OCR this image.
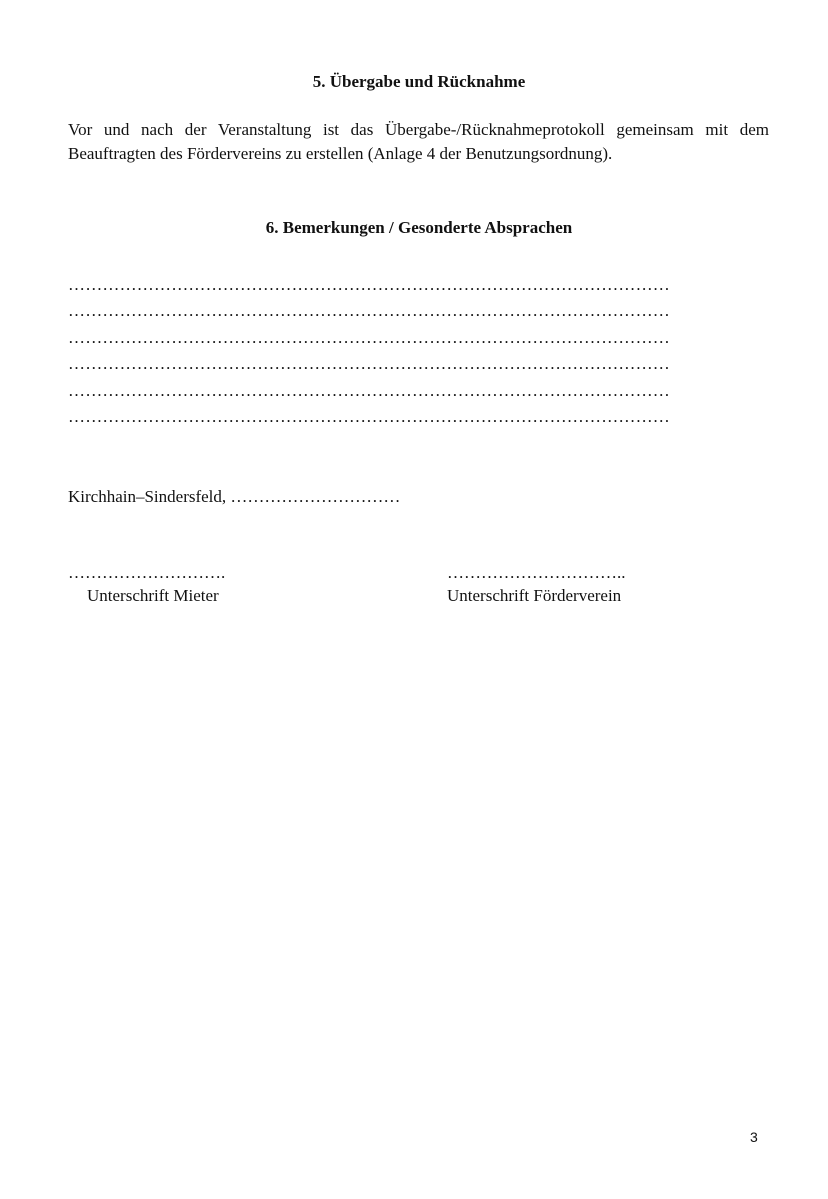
5. Übergabe und Rücknahme
Vor und nach der Veranstaltung ist das Übergabe-/Rücknahmeprotokoll gemeinsam mit dem Beauftragten des Fördervereins zu erstellen (Anlage 4 der Benutzungsordnung).
6. Bemerkungen / Gesonderte Absprachen
……………………………………………………………………………………………
……………………………………………………………………………………………
……………………………………………………………………………………………
……………………………………………………………………………………………
……………………………………………………………………………………………
……………………………………………………………………………………………
Kirchhain–Sindersfeld, …………………………
……………………….	…………………………..
Unterschrift Mieter	Unterschrift Förderverein
3
